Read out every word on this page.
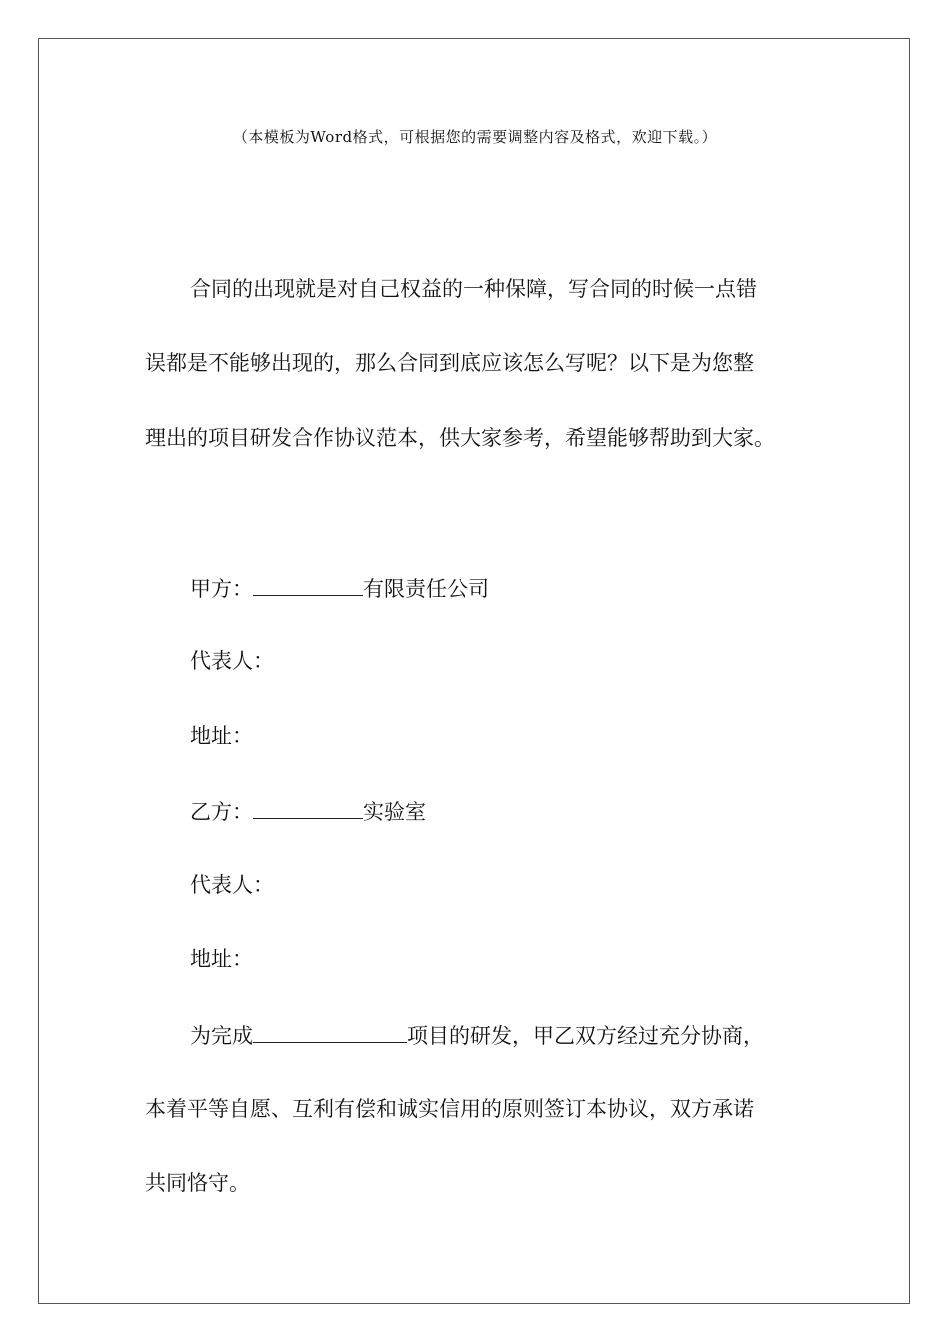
（本模板为Word格式，可根据您的需要调整内容及格式，欢迎下载。）
合同的出现就是对自己权益的一种保障，写合同的时候一点错
误都是不能够出现的，那么合同到底应该怎么写呢？以下是为您整
理出的项目研发合作协议范本，供大家参考，希望能够帮助到大家。
甲方：	有限责任公司
代表人：
地址：
乙方：	实验室
代表人：
地址：
为完成	项目的研发，甲乙双方经过充分协商，
本着平等自愿、互利有偿和诚实信用的原则签订本协议，双方承诺
共同恪守。
